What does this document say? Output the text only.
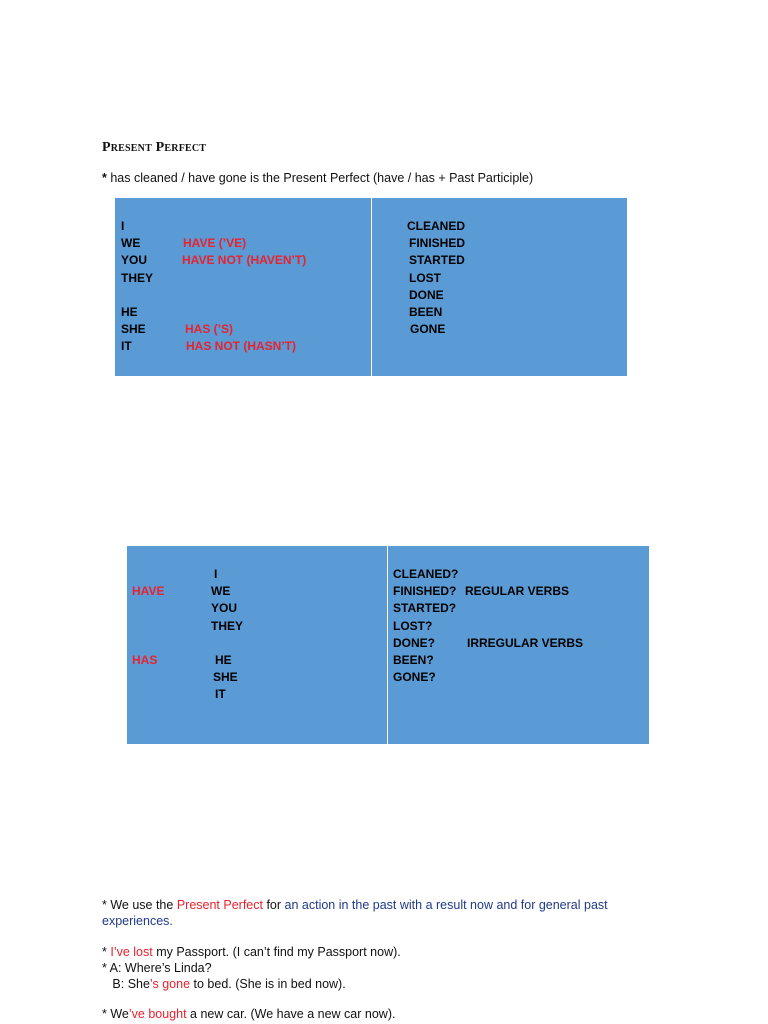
Present Perfect
* has cleaned / have gone is the Present Perfect (have / has + Past Participle)
I
WE	HAVE (’VE)
YOU	HAVE NOT (HAVEN’T)
THEY
HE
SHE	HAS (’S)
IT	HAS NOT (HASN’T)
CLEANED
FINISHED
STARTED
LOST
DONE
BEEN
GONE
I
HAVE	WE
YOU
THEY
HAS	HE
SHE
IT
CLEANED?
FINISHED? REGULAR VERBS
STARTED?
LOST?
DONE?	IRREGULAR VERBS
BEEN?
GONE?
* We use the Present Perfect for an action in the past with a result now and for general past
experiences.
* I’ve lost my Passport. (I can’t find my Passport now).
* A: Where’s Linda?
B: She’s gone to bed. (She is in bed now).
* We’ve bought a new car. (We have a new car now).
